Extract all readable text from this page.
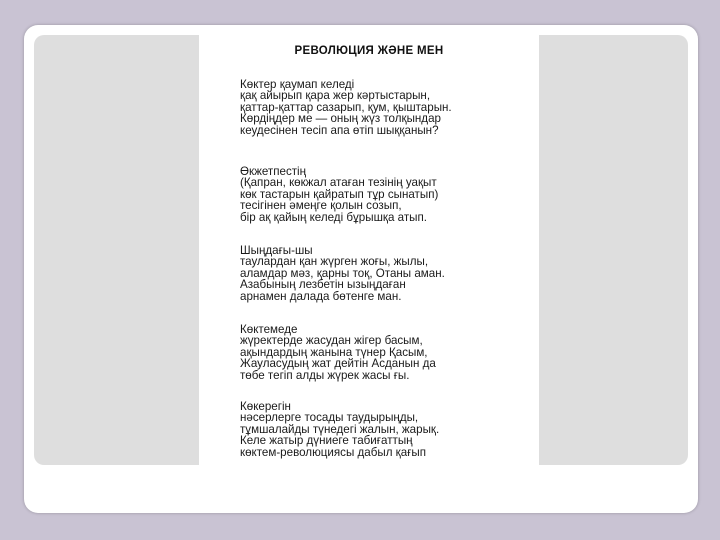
РЕВОЛЮЦИЯ ЖӘНЕ МЕН
Көктер қаумап келеді
қақ айырып қара жер кәртыстарын,
қаттар-қаттар сазарып, қум, қыштарын.
Көрдіңдер ме — оның жүз толқындар
кеудесінен тесіп апа өтіп шыққанын?
Өкжетпестің
(Қапран, көкжал атаған тезінің уақыт
көк тастарын қайратып тұр сынатып)
тесігінен әмеңге қолын созып,
бір ақ қайың келеді бұрышқа атып.
Шыңдағы-шы
таулардан қан жүрген жоғы, жылы,
аламдар мәз, қарны тоқ, Отаны аман.
Азабының лезбетін ызыңдаған
арнамен далада бөтенге ман.
Көктемеде
жүректерде жасудан жігер басым,
ақындардың жанына түнер Қасым,
Жауласудың жат дейтін Асданын да
төбе тегіп алды жүрек жасы ғы.
Көкерегін
нәсерлерге тосады таудырыңды,
тұмшалайды түнедегі жалын, жарық.
Келе жатыр дүниеге табиғаттың
көктем-революциясы дабыл қағып
